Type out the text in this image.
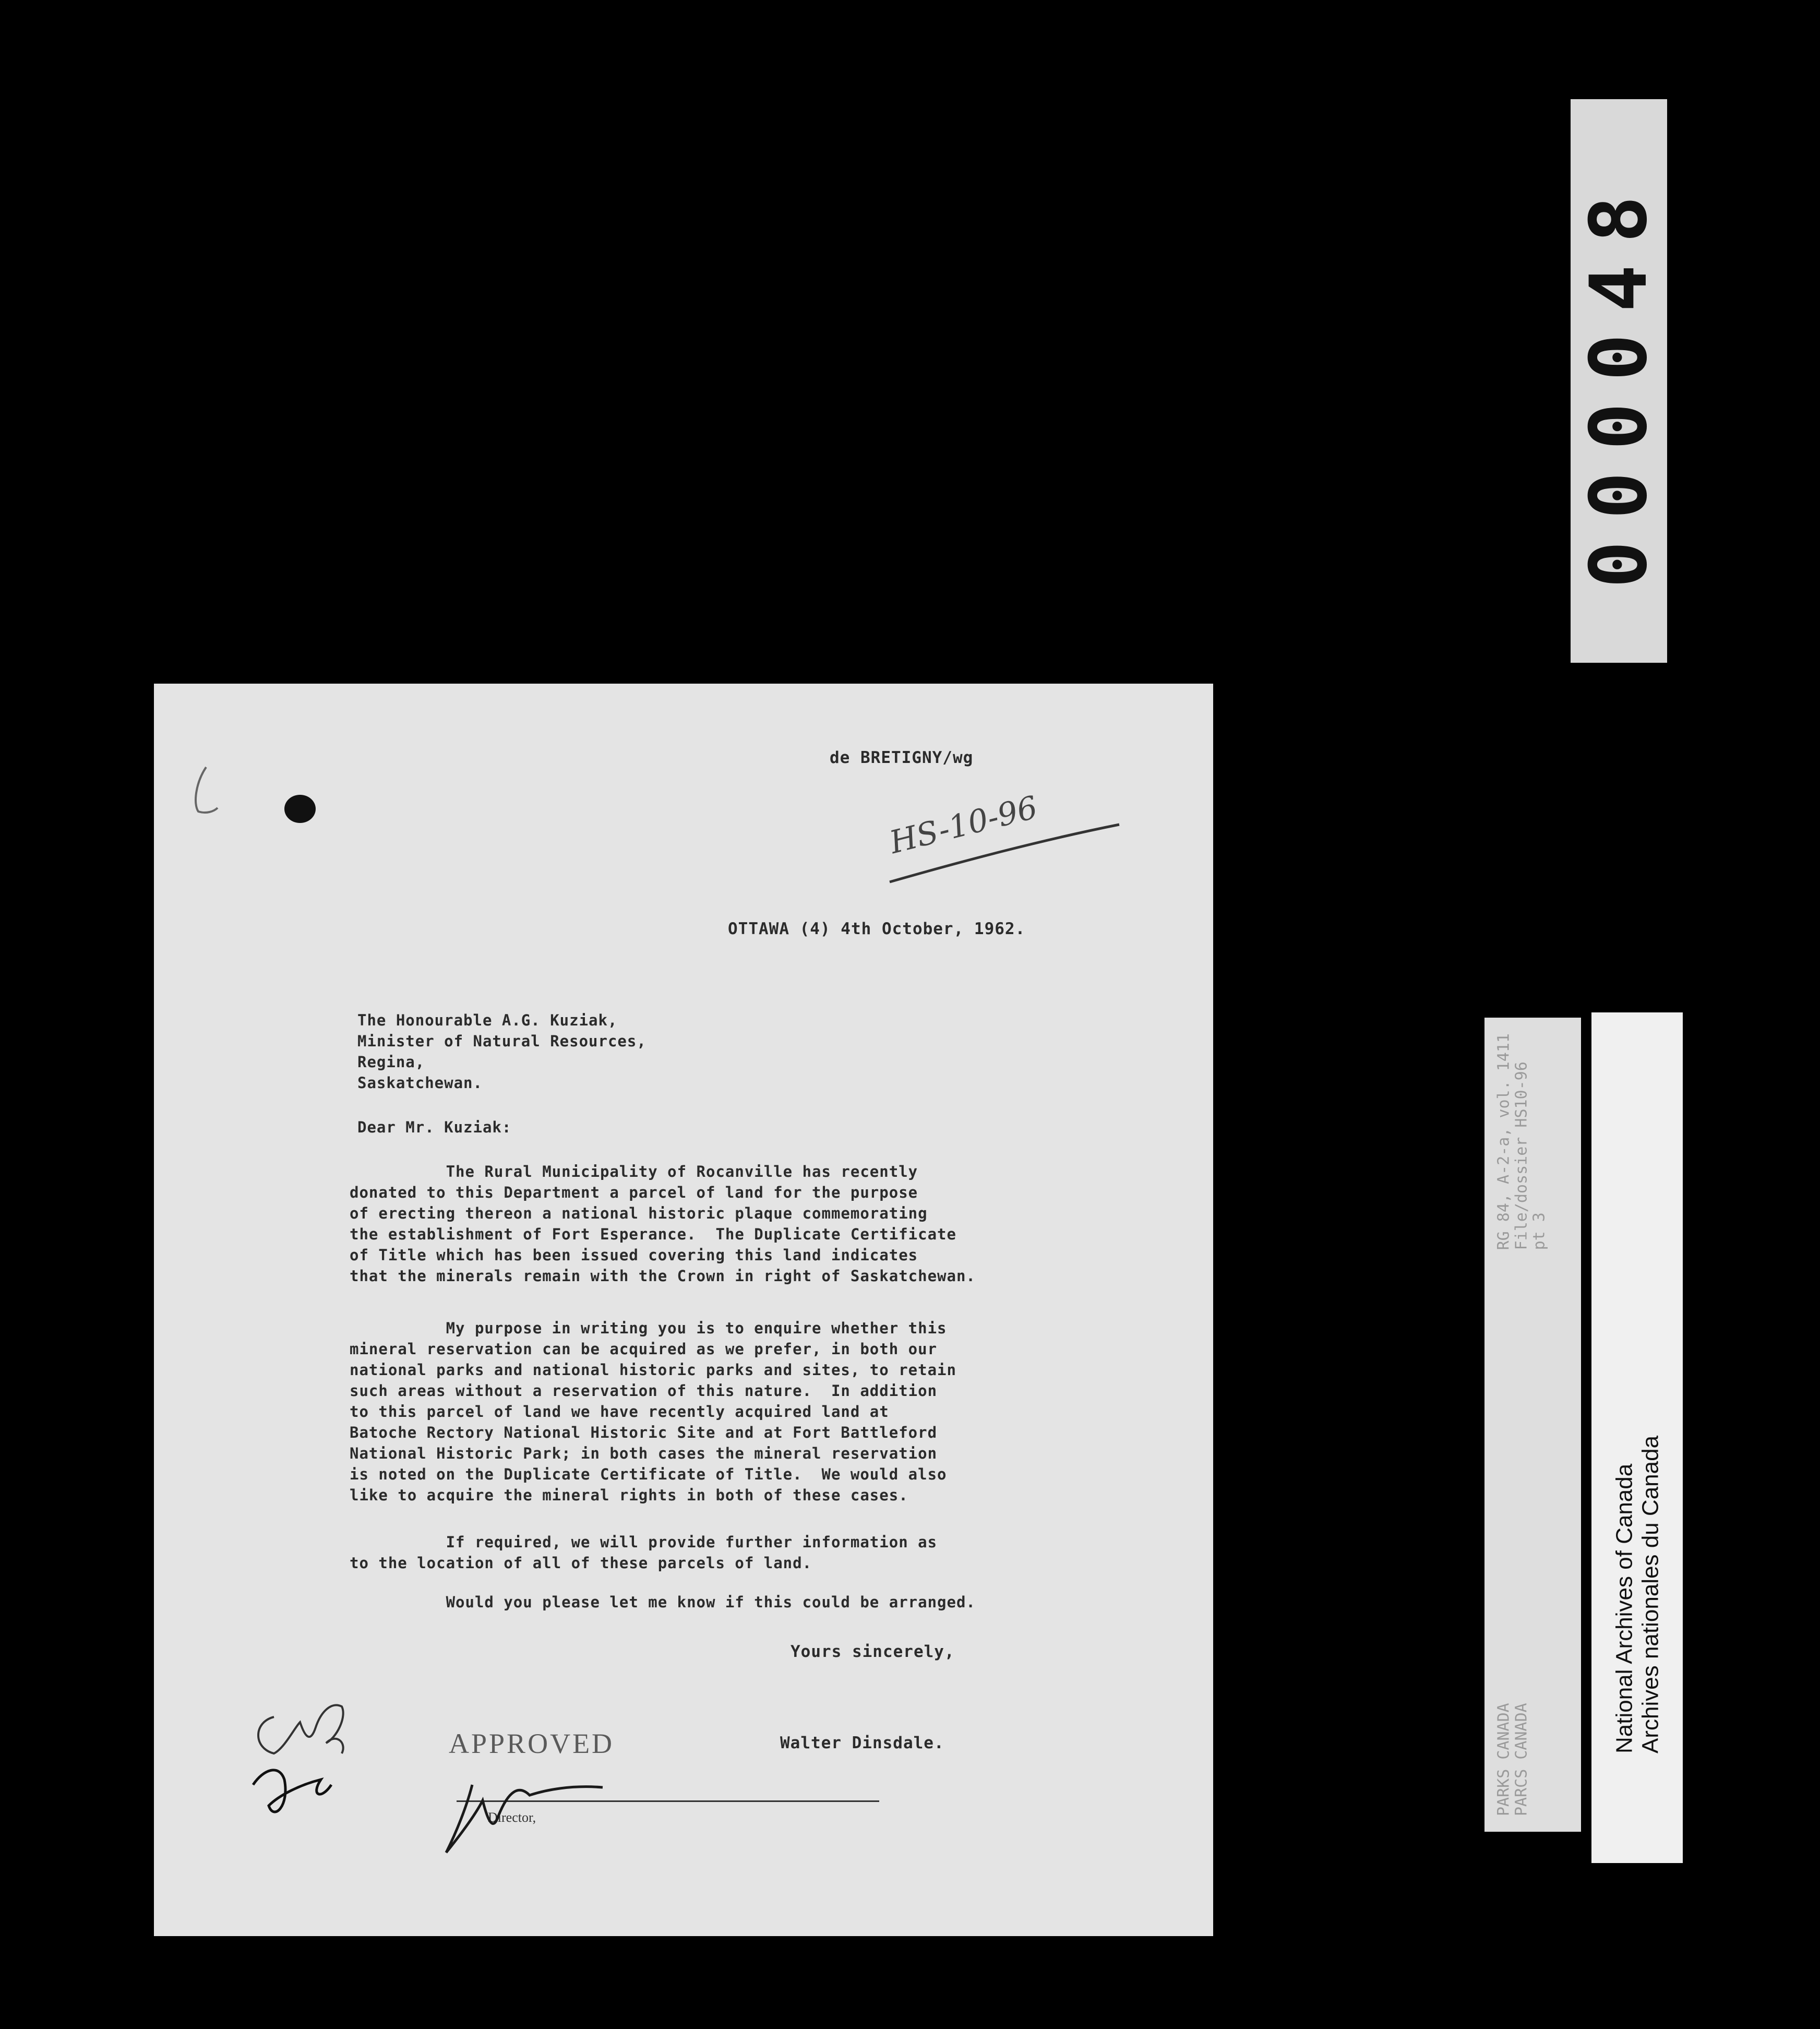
000048
PARKS CANADA PARCS CANADA
RG 84, A-2-a, vol. 1411 File/dossier HS10-96 pt 3
National Archives of Canada Archives nationales du Canada
de BRETIGNY/wg
HS-10-96
OTTAWA (4) 4th October, 1962.
The Honourable A.G. Kuziak,
Minister of Natural Resources,
Regina,
Saskatchewan.
Dear Mr. Kuziak:
The Rural Municipality of Rocanville has recently
donated to this Department a parcel of land for the purpose
of erecting thereon a national historic plaque commemorating
the establishment of Fort Esperance.  The Duplicate Certificate
of Title which has been issued covering this land indicates
that the minerals remain with the Crown in right of Saskatchewan.
My purpose in writing you is to enquire whether this
mineral reservation can be acquired as we prefer, in both our
national parks and national historic parks and sites, to retain
such areas without a reservation of this nature.  In addition
to this parcel of land we have recently acquired land at
Batoche Rectory National Historic Site and at Fort Battleford
National Historic Park; in both cases the mineral reservation
is noted on the Duplicate Certificate of Title.  We would also
like to acquire the mineral rights in both of these cases.
If required, we will provide further information as
to the location of all of these parcels of land.
Would you please let me know if this could be arranged.
Yours sincerely,
Walter Dinsdale.
APPROVED
Director,
